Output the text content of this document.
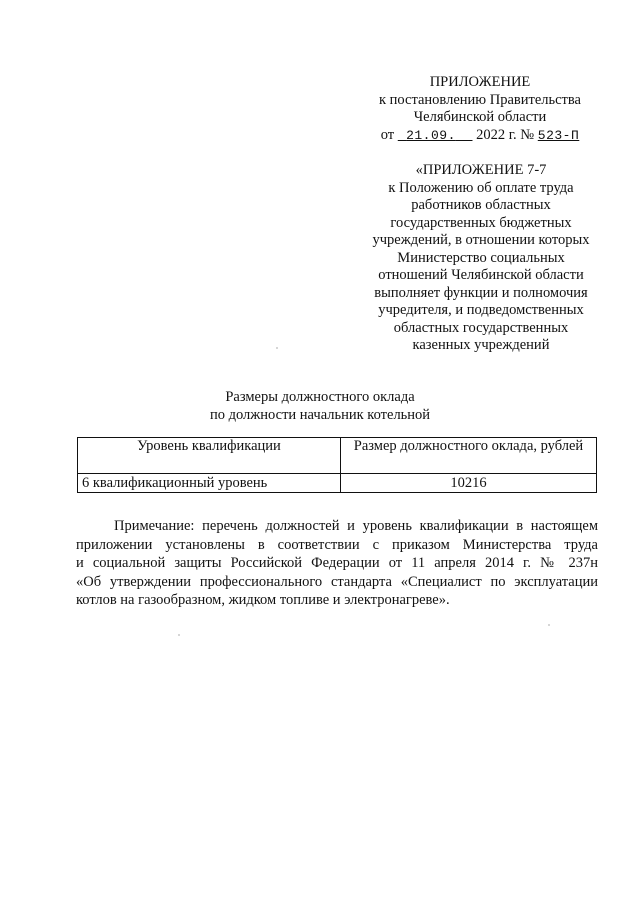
ПРИЛОЖЕНИЕ
к постановлению Правительства
Челябинской области
от 21.09. 2022 г. № 523-П
«ПРИЛОЖЕНИЕ 7-7
к Положению об оплате труда
работников областных
государственных бюджетных
учреждений, в отношении которых
Министерство социальных
отношений Челябинской области
выполняет функции и полномочия
учредителя, и подведомственных
областных государственных
казенных учреждений
Размеры должностного оклада
по должности начальник котельной
Уровень квалификации	Размер должностного оклада, рублей
6 квалификационный уровень	10216
Примечание: перечень должностей и уровень квалификации в настоящем
приложении установлены в соответствии с приказом Министерства труда
и социальной защиты Российской Федерации от 11 апреля 2014 г. № 237н
«Об утверждении профессионального стандарта «Специалист по эксплуатации
котлов на газообразном, жидком топливе и электронагреве».
